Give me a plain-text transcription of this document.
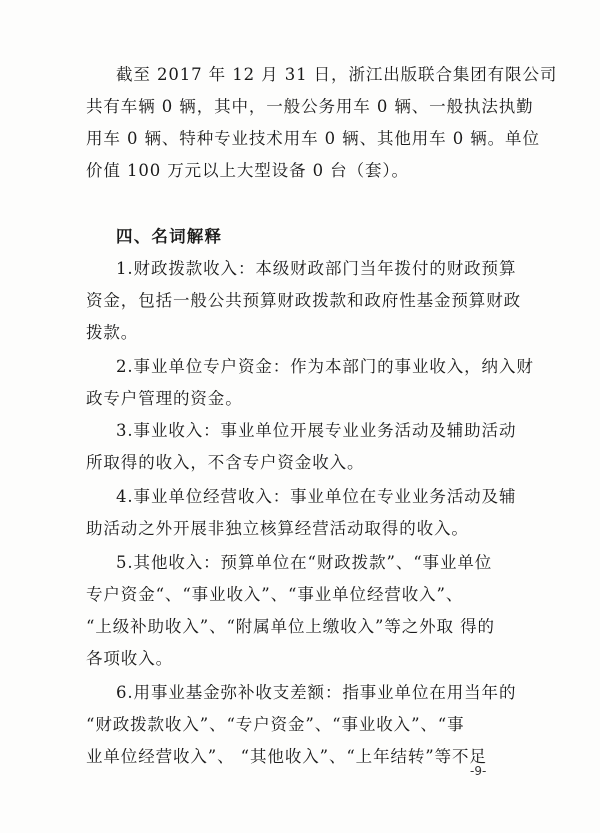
截至 2017 年 12 月 31 日，浙江出版联合集团有限公司
共有车辆 0 辆，其中，一般公务用车 0 辆、一般执法执勤
用车 0 辆、特种专业技术用车 0 辆、其他用车 0 辆。单位
价值 100 万元以上大型设备 0 台（套）。
四、名词解释
1.财政拨款收入：本级财政部门当年拨付的财政预算
资金，包括一般公共预算财政拨款和政府性基金预算财政
拨款。
2.事业单位专户资金：作为本部门的事业收入，纳入财
政专户管理的资金。
3.事业收入：事业单位开展专业业务活动及辅助活动
所取得的收入，不含专户资金收入。
4.事业单位经营收入：事业单位在专业业务活动及辅
助活动之外开展非独立核算经营活动取得的收入。
5.其他收入：预算单位在“财政拨款”、“事业单位
专户资金“、“事业收入”、“事业单位经营收入”、
“上级补助收入”、“附属单位上缴收入”等之外取 得的
各项收入。
6.用事业基金弥补收支差额：指事业单位在用当年的
“财政拨款收入”、“专户资金”、“事业收入”、“事
业单位经营收入”、 “其他收入”、“上年结转”等不足
-9-
